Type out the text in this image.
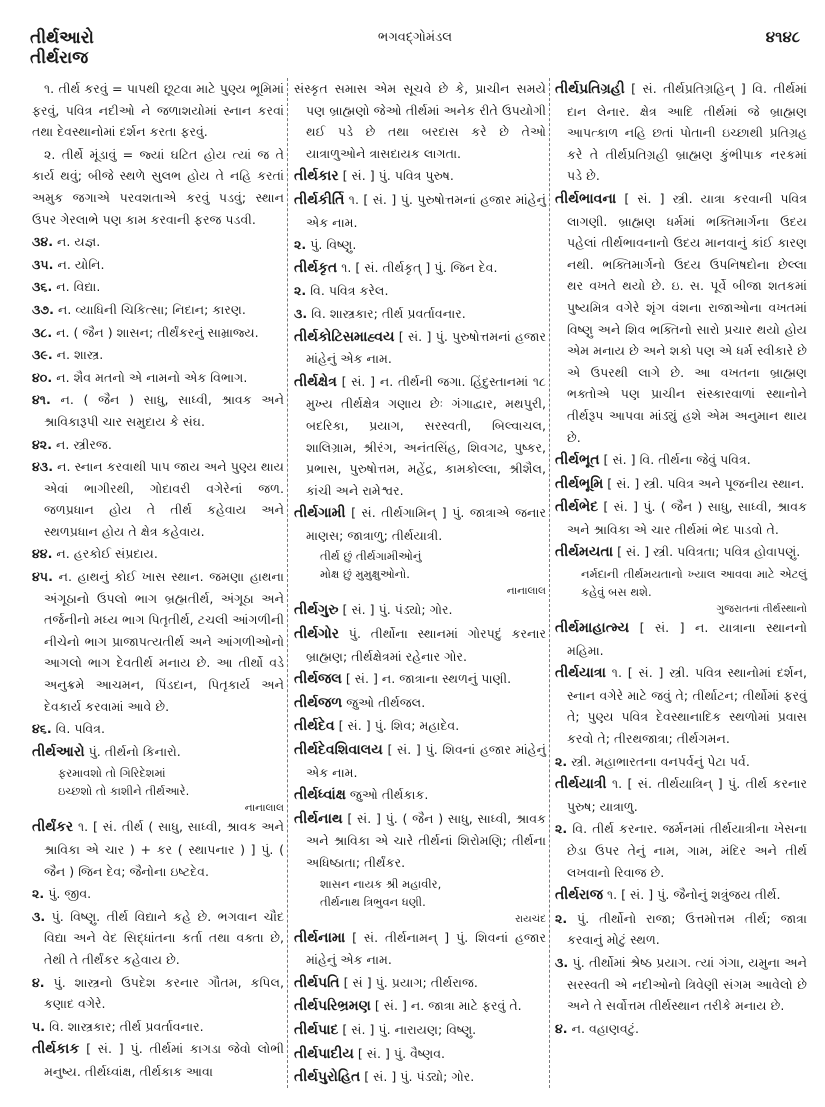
તીર્થઆરો
તીર્થરાજ
ભગવદ્ગોમંડલ	૪૧૪૮
૧. તીર્થ કરવું = પાપથી છૂટવા માટે પુણ્ય ભૂમિમાં ફરવું, પવિત્ર નદીઓ ને જળાશયોમાં સ્નાન કરવાં તથા દેવસ્થાનોમાં દર્શન કરતા ફરવું.
૨. તીર્થે મૂંડાવું = જ્યાં ઘટિત હોય ત્યાં જ તે કાર્ય થવું; બીજે સ્થળે સુલભ હોય તે નહિ કરતાં અમુક જગાએ પરવશતાએ કરવું પડવું; સ્થાન ઉપર ગેરલાભે પણ કામ કરવાની ફરજ પડવી.
૩૪. ન. યજ્ઞ.
૩૫. ન. યોનિ.
૩૬. ન. વિદ્યા.
૩૭. ન. વ્યાધિની ચિકિત્સા; નિદાન; કારણ.
૩૮. ન. ( જૈન ) શાસન; તીર્થંકરનું સામ્રાજ્ય.
૩૯. ન. શાસ્ત્ર.
૪૦. ન. શૈવ મતનો એ નામનો એક વિભાગ.
૪૧. ન. ( જૈન ) સાધુ, સાધ્વી, શ્રાવક અને શ્રાવિકારૂપી ચાર સમુદાય કે સંઘ.
૪૨. ન. સ્ત્રીરજ.
૪૩. ન. સ્નાન કરવાથી પાપ જાય અને પુણ્ય થાય એવાં ભાગીરથી, ગોદાવરી વગેરેનાં જળ. જળપ્રધાન હોય તે તીર્થ કહેવાય અને સ્થળપ્રધાન હોય તે ક્ષેત્ર કહેવાય.
૪૪. ન. હરકોઈ સંપ્રદાય.
૪૫. ન. હાથનું કોઈ ખાસ સ્થાન. જમણા હાથના અંગૂઠાનો ઉપલો ભાગ બ્રહ્મતીર્થ, અંગૂઠા અને તર્જનીનો મધ્ય ભાગ પિતૃતીર્થ, ટચલી આંગળીની નીચેનો ભાગ પ્રાજાપત્યતીર્થ અને આંગળીઓનો આગલો ભાગ દેવતીર્થ મનાય છે. આ તીર્થો વડે અનુક્રમે આચમન, પિંડદાન, પિતૃકાર્ય અને દેવકાર્ય કરવામાં આવે છે.
૪૬. વિ. પવિત્ર.
તીર્થઆરો પું. તીર્થનો કિનારો.
ફરમાવશો તો ગિરિદેશમાં
ઇચ્છશો તો કાશીને તીર્થઆરે.
નાનાલાલ
તીર્થંકર ૧. [ સં. તીર્થ ( સાધુ, સાધ્વી, શ્રાવક અને શ્રાવિકા એ ચાર ) + કર ( સ્થાપનાર ) ] પું. ( જૈન ) જિન દેવ; જૈનોના ઇષ્ટદેવ.
૨. પું. જીવ.
૩. પું. વિષ્ણુ. તીર્થ વિદ્યાને કહે છે. ભગવાન ચૌદ વિદ્યા અને વેદ સિદ્ધાંતના કર્તા તથા વક્તા છે, તેથી તે તીર્થંકર કહેવાય છે.
૪. પું. શાસ્ત્રનો ઉપદેશ કરનાર ગૌતમ, કપિલ, કણાદ વગેરે.
૫. વિ. શાસ્ત્રકાર; તીર્થ પ્રવર્તાવનાર.
તીર્થકાક [ સં. ] પું. તીર્થમાં કાગડા જેવો લોભી મનુષ્ય. તીર્થધ્વાંક્ષ, તીર્થકાક આવા
સંસ્કૃત સમાસ એમ સૂચવે છે કે, પ્રાચીન સમયે પણ બ્રાહ્મણો જેઓ તીર્થમાં અનેક રીતે ઉપયોગી થઈ પડે છે તથા બરદાસ કરે છે તેઓ યાત્રાળુઓને ત્રાસદાયક લાગતા.
તીર્થકાર [ સં. ] પું. પવિત્ર પુરુષ.
તીર્થકીર્તિ ૧. [ સં. ] પું. પુરુષોત્તમનાં હજાર માંહેનું એક નામ.
૨. પું. વિષ્ણુ.
તીર્થકૃત ૧. [ સં. તીર્થકૃત્ ] પું. જિન દેવ.
૨. વિ. પવિત્ર કરેલ.
૩. વિ. શાસ્ત્રકાર; તીર્થ પ્રવર્તાવનાર.
તીર્થકોટિસમાહ્વય [ સં. ] પું. પુરુષોત્તમનાં હજાર માંહેનું એક નામ.
તીર્થક્ષેત્ર [ સં. ] ન. તીર્થની જગા. હિંદુસ્તાનમાં ૧૮ મુખ્ય તીર્થક્ષેત્ર ગણાય છેઃ ગંગાદ્વાર, મથપુરી, બદરિકા, પ્રયાગ, સરસ્વતી, બિલ્વાચલ, શાલિગ્રામ, શ્રીરંગ, અનંતસિંહ, શિવગઢ, પુષ્કર, પ્રભાસ, પુરુષોત્તમ, મહેંદ્ર, કામકોલ્લા, શ્રીશૈલ, કાંચી અને રામેશ્વર.
તીર્થગામી [ સં. તીર્થગામિન્ ] પું. જાત્રાએ જનાર માણસ; જાત્રાળુ; તીર્થયાત્રી.
તીર્થ છું તીર્થગામીઓનું
મોક્ષ છું મુમુક્ષુઓનો.
નાનાલાલ
તીર્થગુરુ [ સં. ] પું. પંડ્યો; ગોર.
તીર્થગોર પું. તીર્થોના સ્થાનમાં ગોરપદું કરનાર બ્રાહ્મણ; તીર્થક્ષેત્રમાં રહેનાર ગોર.
તીર્થજલ [ સં. ] ન. જાત્રાના સ્થળનું પાણી.
તીર્થજળ જુઓ તીર્થજલ.
તીર્થદેવ [ સં. ] પું. શિવ; મહાદેવ.
તીર્થદેવશિવાલય [ સં. ] પું. શિવનાં હજાર માંહેનું એક નામ.
તીર્થધ્વાંક્ષ જુઓ તીર્થકાક.
તીર્થનાથ [ સં. ] પું. ( જૈન ) સાધુ, સાધ્વી, શ્રાવક અને શ્રાવિકા એ ચારે તીર્થનાં શિરોમણિ; તીર્થના અધિષ્ઠાતા; તીર્થંકર.
શાસન નાયક શ્રી મહાવીર,
તીર્થનાથ ત્રિભુવન ધણી.
રાયચંદ
તીર્થનામા [ સં. તીર્થનામન્ ] પું. શિવનાં હજાર માંહેનું એક નામ.
તીર્થપતિ [ સં ] પું. પ્રયાગ; તીર્થરાજ.
તીર્થપરિભ્રમણ [ સં. ] ન. જાત્રા માટે ફરવું તે.
તીર્થપાદ [ સં. ] પું. નારાયણ; વિષ્ણુ.
તીર્થપાદીય [ સં. ] પું. વૈષ્ણવ.
તીર્થપુરોહિત [ સં. ] પું. પંડ્યો; ગોર.
તીર્થપ્રતિગ્રહી [ સં. તીર્થપ્રતિગ્રહિન્ ] વિ. તીર્થમાં દાન લેનાર. ક્ષેત્ર આદિ તીર્થમાં જે બ્રાહ્મણ આપત્કાળ નહિ છતાં પોતાની ઇચ્છાથી પ્રતિગ્રહ કરે તે તીર્થપ્રતિગ્રહી બ્રાહ્મણ કુંભીપાક નરકમાં પડે છે.
તીર્થભાવના [ સં. ] સ્ત્રી. યાત્રા કરવાની પવિત્ર લાગણી. બ્રાહ્મણ ધર્મમાં ભક્તિમાર્ગના ઉદય પહેલાં તીર્થભાવનાનો ઉદય માનવાનું કાંઈ કારણ નથી. ભક્તિમાર્ગનો ઉદય ઉપનિષદોના છેલ્લા થર વખતે થયો છે. ઇ. સ. પૂર્વે બીજા શતકમાં પુષ્યમિત્ર વગેરે શૃંગ વંશના રાજાઓના વખતમાં વિષ્ણુ અને શિવ ભક્તિનો સારો પ્રચાર થયો હોય એમ મનાય છે અને શકો પણ એ ધર્મ સ્વીકારે છે એ ઉપરથી લાગે છે. આ વખતના બ્રાહ્મણ ભક્તોએ પણ પ્રાચીન સંસ્કારવાળાં સ્થાનોને તીર્થરૂપ આપવા માંડ્યું હશે એમ અનુમાન થાય છે.
તીર્થભૂત [ સં. ] વિ. તીર્થના જેવું પવિત્ર.
તીર્થભૂમિ [ સં. ] સ્ત્રી. પવિત્ર અને પૂજનીય સ્થાન.
તીર્થભેદ [ સં. ] પું. ( જૈન ) સાધુ, સાધ્વી, શ્રાવક અને શ્રાવિકા એ ચાર તીર્થમાં ભેદ પાડવો તે.
તીર્થમયતા [ સં. ] સ્ત્રી. પવિત્રતા; પવિત્ર હોવાપણું.
નર્મદાની તીર્થમયતાનો ખ્યાલ આવવા માટે એટલું કહેવું બસ થશે.
ગુજરાતનાં તીર્થસ્થાનો
તીર્થમાહાત્મ્ય [ સં. ] ન. યાત્રાના સ્થાનનો મહિમા.
તીર્થયાત્રા ૧. [ સં. ] સ્ત્રી. પવિત્ર સ્થાનોમાં દર્શન, સ્નાન વગેરે માટે જવું તે; તીર્થાટન; તીર્થોમાં ફરવું તે; પુણ્ય પવિત્ર દેવસ્થાનાદિક સ્થળોમાં પ્રવાસ કરવો તે; તીરથજાત્રા; તીર્થગમન.
૨. સ્ત્રી. મહાભારતના વનપર્વનું પેટા પર્વ.
તીર્થયાત્રી ૧. [ સં. તીર્થયાત્રિન્ ] પું. તીર્થ કરનાર પુરુષ; યાત્રાળુ.
૨. વિ. તીર્થ કરનાર. જર્મનમાં તીર્થયાત્રીના ખેસના છેડા ઉપર તેનું નામ, ગામ, મંદિર અને તીર્થ લખવાનો રિવાજ છે.
તીર્થરાજ ૧. [ સં. ] પું. જૈનોનું શત્રુંજય તીર્થ.
૨. પું. તીર્થોનો રાજા; ઉત્તમોત્તમ તીર્થ; જાત્રા કરવાનું મોટું સ્થળ.
૩. પું. તીર્થોમાં શ્રેષ્ઠ પ્રયાગ. ત્યાં ગંગા, યમુના અને સરસ્વતી એ નદીઓનો ત્રિવેણી સંગમ આવેલો છે અને તે સર્વોત્તમ તીર્થસ્થાન તરીકે મનાય છે.
૪. ન. વહાણવટું.
